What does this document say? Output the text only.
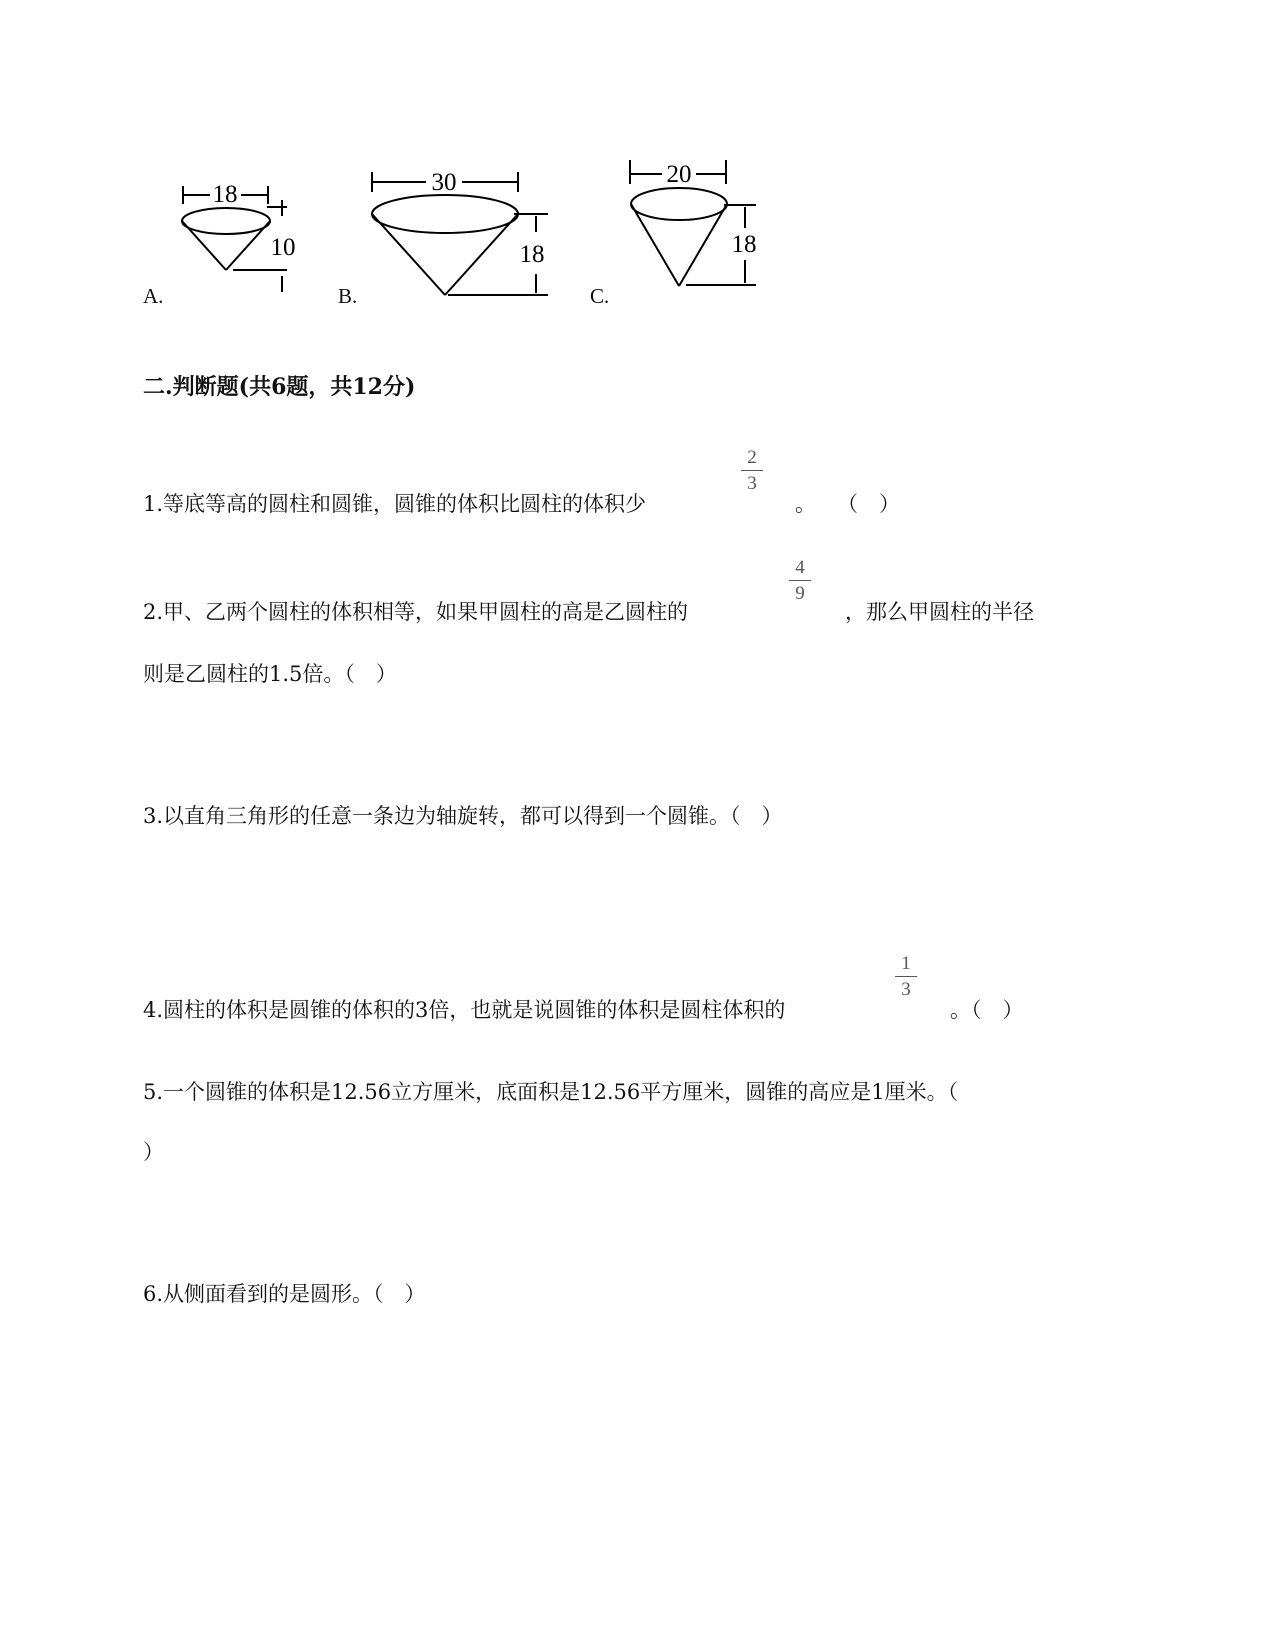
A.
18
10
B.
30
18
C.
20
18
二.判断题(共6题，共12分)
1.等底等高的圆柱和圆锥，圆锥的体积比圆柱的体积少
2
3
。　　（　）
2.甲、乙两个圆柱的体积相等，如果甲圆柱的高是乙圆柱的
4
9
，那么甲圆柱的半径
则是乙圆柱的1.5倍。（　）
3.以直角三角形的任意一条边为轴旋转，都可以得到一个圆锥。（　）
4.圆柱的体积是圆锥的体积的3倍，也就是说圆锥的体积是圆柱体积的
1
3
。（　）
5.一个圆锥的体积是12.56立方厘米，底面积是12.56平方厘米，圆锥的高应是1厘米。（
）
6.从侧面看到的是圆形。（　）
